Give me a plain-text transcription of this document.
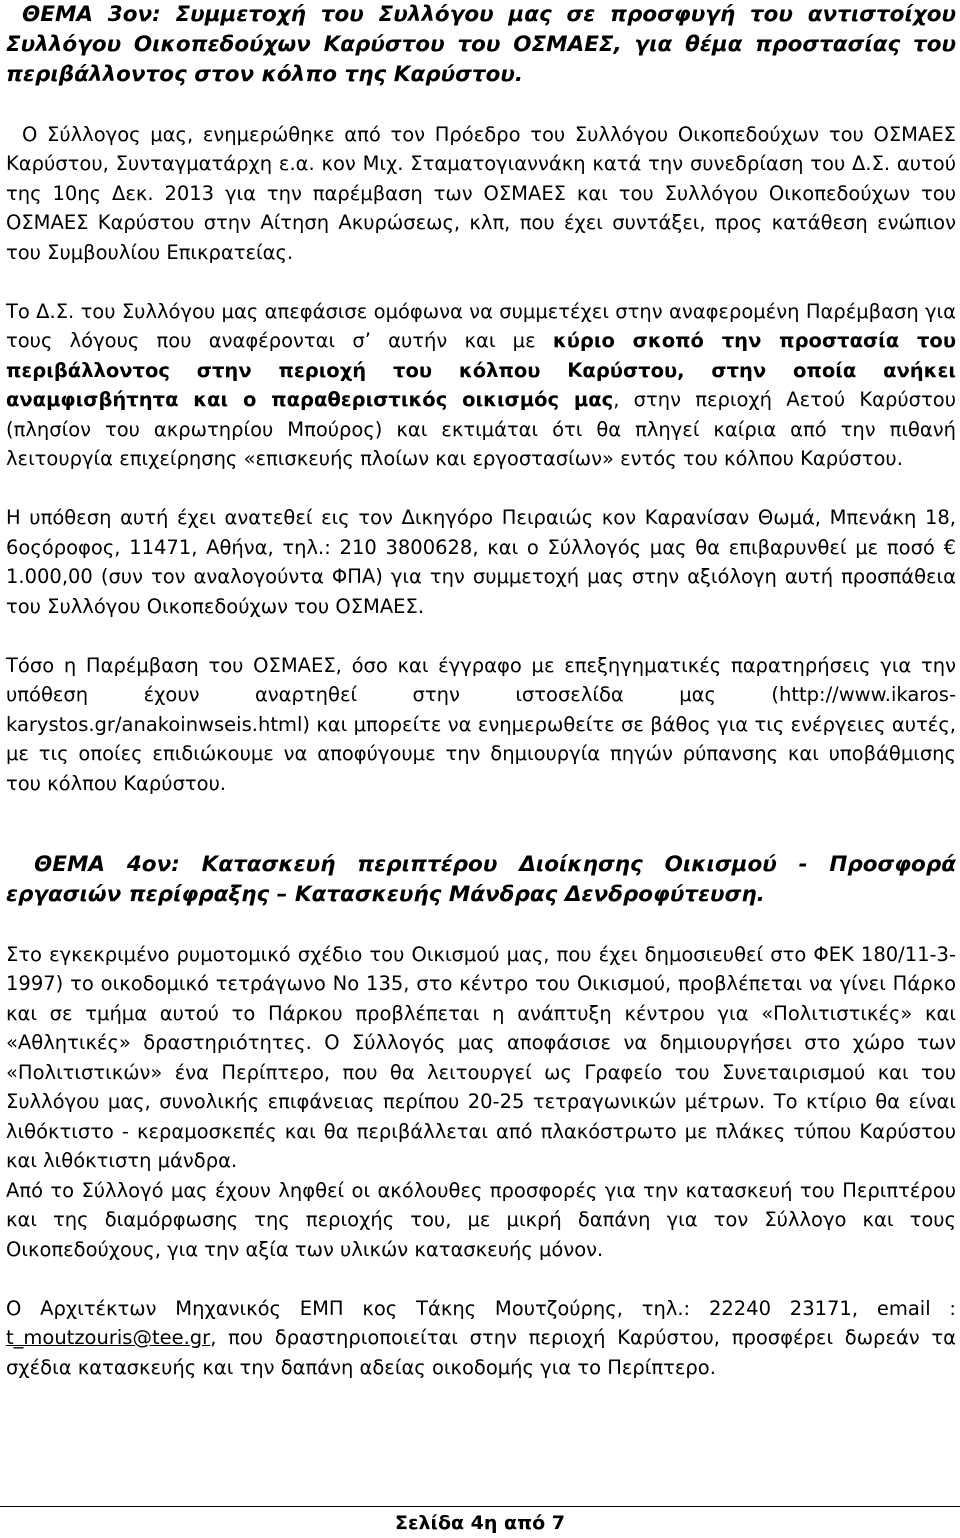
ΘΕΜΑ 3ον: Συμμετοχή του Συλλόγου μας σε προσφυγή του αντιστοίχου Συλλόγου Οικοπεδούχων Καρύστου του ΟΣΜΑΕΣ, για θέμα προστασίας του περιβάλλοντος στον κόλπο της Καρύστου.

Ο Σύλλογος μας, ενημερώθηκε από τον Πρόεδρο του Συλλόγου Οικοπεδούχων του ΟΣΜΑΕΣ Καρύστου, Συνταγματάρχη ε.α. κον Μιχ. Σταματογιαννάκη κατά την συνεδρίαση του Δ.Σ. αυτού της 10ης Δεκ. 2013 για την παρέμβαση των ΟΣΜΑΕΣ και του Συλλόγου Οικοπεδούχων του ΟΣΜΑΕΣ Καρύστου στην Αίτηση Ακυρώσεως, κλπ, που έχει συντάξει, προς κατάθεση ενώπιον του Συμβουλίου Επικρατείας.

Το Δ.Σ. του Συλλόγου μας απεφάσισε ομόφωνα να συμμετέχει στην αναφερομένη Παρέμβαση για τους λόγους που αναφέρονται σ’ αυτήν και με κύριο σκοπό την προστασία του περιβάλλοντος στην περιοχή του κόλπου Καρύστου, στην οποία ανήκει αναμφισβήτητα και ο παραθεριστικός οικισμός μας, στην περιοχή Αετού Καρύστου (πλησίον του ακρωτηρίου Μπούρος) και εκτιμάται ότι θα πληγεί καίρια από την πιθανή λειτουργία επιχείρησης «επισκευής πλοίων και εργοστασίων» εντός του κόλπου Καρύστου.

Η υπόθεση αυτή έχει ανατεθεί εις τον Δικηγόρο Πειραιώς κον Καρανίσαν Θωμά, Μπενάκη 18, 6οςόροφος, 11471, Αθήνα, τηλ.: 210 3800628, και ο Σύλλογός μας θα επιβαρυνθεί με ποσό € 1.000,00 (συν τον αναλογούντα ΦΠΑ) για την συμμετοχή μας στην αξιόλογη αυτή προσπάθεια του Συλλόγου Οικοπεδούχων του ΟΣΜΑΕΣ.

Τόσο η Παρέμβαση του ΟΣΜΑΕΣ, όσο και έγγραφο με επεξηγηματικές παρατηρήσεις για την υπόθεση έχουν αναρτηθεί στην ιστοσελίδα μας (http://www.ikaros-karystos.gr/anakoinwseis.html) και μπορείτε να ενημερωθείτε σε βάθος για τις ενέργειες αυτές, με τις οποίες επιδιώκουμε να αποφύγουμε την δημιουργία πηγών ρύπανσης και υποβάθμισης του κόλπου Καρύστου.

ΘΕΜΑ 4ον: Κατασκευή περιπτέρου Διοίκησης Οικισμού - Προσφορά εργασιών περίφραξης – Κατασκευής Μάνδρας Δενδροφύτευση.

Στο εγκεκριμένο ρυμοτομικό σχέδιο του Οικισμού μας, που έχει δημοσιευθεί στο ΦΕΚ 180/11-3-1997) το οικοδομικό τετράγωνο Νο 135, στο κέντρο του Οικισμού, προβλέπεται να γίνει Πάρκο και σε τμήμα αυτού το Πάρκου προβλέπεται η ανάπτυξη κέντρου για «Πολιτιστικές» και «Αθλητικές» δραστηριότητες. Ο Σύλλογός μας αποφάσισε να δημιουργήσει στο χώρο των «Πολιτιστικών» ένα Περίπτερο, που θα λειτουργεί ως Γραφείο του Συνεταιρισμού και του Συλλόγου μας, συνολικής επιφάνειας περίπου 20-25 τετραγωνικών μέτρων. Το κτίριο θα είναι λιθόκτιστο - κεραμοσκεπές και θα περιβάλλεται από πλακόστρωτο με πλάκες τύπου Καρύστου και λιθόκτιστη μάνδρα.

Από το Σύλλογό μας έχουν ληφθεί οι ακόλουθες προσφορές για την κατασκευή του Περιπτέρου και της διαμόρφωσης της περιοχής του, με μικρή δαπάνη για τον Σύλλογο και τους Οικοπεδούχους, για την αξία των υλικών κατασκευής μόνον.

Ο Αρχιτέκτων Μηχανικός ΕΜΠ κος Τάκης Μουτζούρης, τηλ.: 22240 23171, email : t_moutzouris@tee.gr, που δραστηριοποιείται στην περιοχή Καρύστου, προσφέρει δωρεάν τα σχέδια κατασκευής και την δαπάνη αδείας οικοδομής για το Περίπτερο.

Σελίδα 4η από 7
